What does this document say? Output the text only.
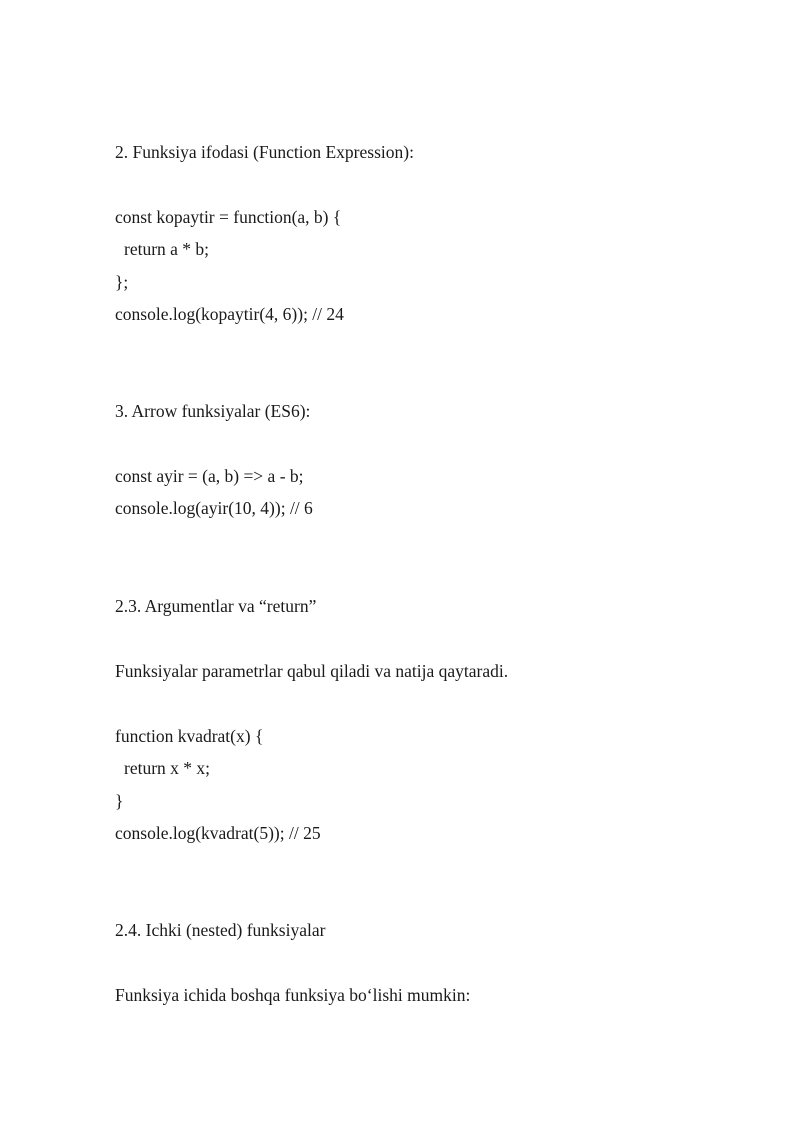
2. Funksiya ifodasi (Function Expression):

const kopaytir = function(a, b) {

return a * b;

};

console.log(kopaytir(4, 6)); // 24

3. Arrow funksiyalar (ES6):

const ayir = (a, b) => a - b;

console.log(ayir(10, 4)); // 6

2.3. Argumentlar va “return”

Funksiyalar parametrlar qabul qiladi va natija qaytaradi.

function kvadrat(x) {

return x * x;

}

console.log(kvadrat(5)); // 25

2.4. Ichki (nested) funksiyalar

Funksiya ichida boshqa funksiya bo‘lishi mumkin:
